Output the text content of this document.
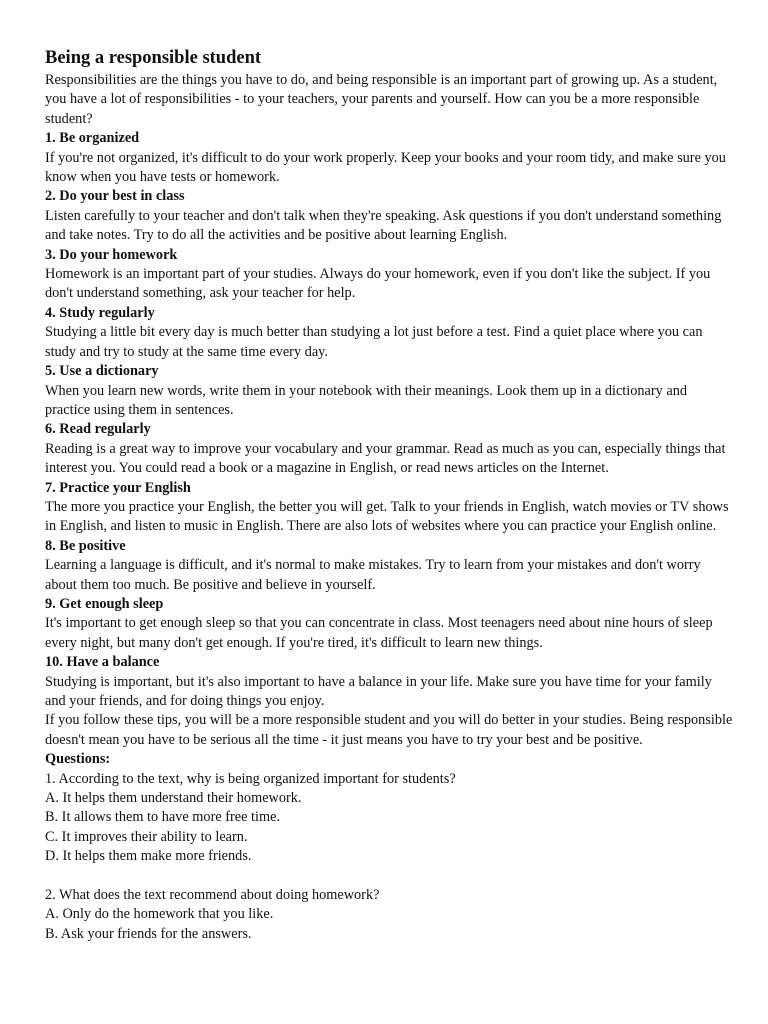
Being a responsible student

Responsibilities are the things you have to do, and being responsible is an important part of growing up. As a student, you have a lot of responsibilities - to your teachers, your parents and yourself. How can you be a more responsible student?

1. Be organized

If you're not organized, it's difficult to do your work properly. Keep your books and your room tidy, and make sure you know when you have tests or homework.

2. Do your best in class

Listen carefully to your teacher and don't talk when they're speaking. Ask questions if you don't understand something and take notes. Try to do all the activities and be positive about learning English.

3. Do your homework

Homework is an important part of your studies. Always do your homework, even if you don't like the subject. If you don't understand something, ask your teacher for help.

4. Study regularly

Studying a little bit every day is much better than studying a lot just before a test. Find a quiet place where you can study and try to study at the same time every day.

5. Use a dictionary

When you learn new words, write them in your notebook with their meanings. Look them up in a dictionary and practice using them in sentences.

6. Read regularly

Reading is a great way to improve your vocabulary and your grammar. Read as much as you can, especially things that interest you. You could read a book or a magazine in English, or read news articles on the Internet.

7. Practice your English

The more you practice your English, the better you will get. Talk to your friends in English, watch movies or TV shows in English, and listen to music in English. There are also lots of websites where you can practice your English online.

8. Be positive

Learning a language is difficult, and it's normal to make mistakes. Try to learn from your mistakes and don't worry about them too much. Be positive and believe in yourself.

9. Get enough sleep

It's important to get enough sleep so that you can concentrate in class. Most teenagers need about nine hours of sleep every night, but many don't get enough. If you're tired, it's difficult to learn new things.

10. Have a balance

Studying is important, but it's also important to have a balance in your life. Make sure you have time for your family and your friends, and for doing things you enjoy.

If you follow these tips, you will be a more responsible student and you will do better in your studies. Being responsible doesn't mean you have to be serious all the time - it just means you have to try your best and be positive.

Questions:

1. According to the text, why is being organized important for students?

A. It helps them understand their homework.

B. It allows them to have more free time.

C. It improves their ability to learn.

D. It helps them make more friends.

2. What does the text recommend about doing homework?

A. Only do the homework that you like.

B. Ask your friends for the answers.
